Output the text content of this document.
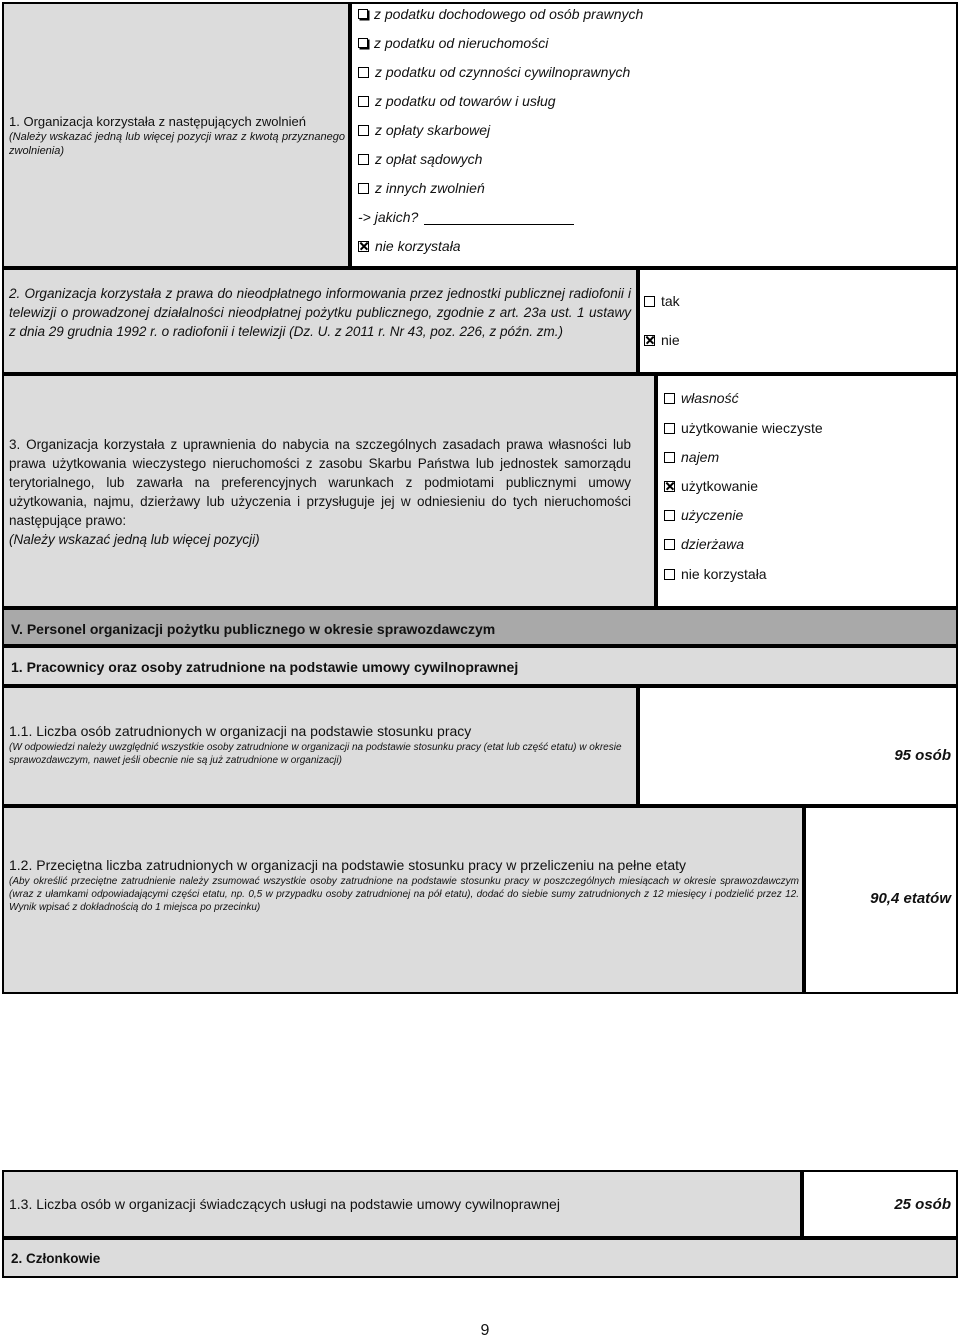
1. Organizacja korzystała z następujących zwolnień
(Należy wskazać jedną lub więcej pozycji wraz z kwotą przyznanego zwolnienia)
z podatku dochodowego od osób prawnych
z podatku od nieruchomości
z podatku od czynności cywilnoprawnych
z podatku od towarów i usług
z opłaty skarbowej
z opłat sądowych
z innych zwolnień
-> jakich?
nie korzystała
2. Organizacja korzystała z prawa do nieodpłatnego informowania przez jednostki publicznej radiofonii i telewizji o prowadzonej działalności nieodpłatnej pożytku publicznego, zgodnie z art. 23a ust. 1 ustawy z dnia 29 grudnia 1992 r. o radiofonii i telewizji (Dz. U. z 2011 r. Nr 43, poz. 226, z późn. zm.)
tak
nie
3. Organizacja korzystała z uprawnienia do nabycia na szczególnych zasadach prawa własności lub prawa użytkowania wieczystego nieruchomości z zasobu Skarbu Państwa lub jednostek samorządu terytorialnego, lub zawarła na preferencyjnych warunkach z podmiotami publicznymi umowy użytkowania, najmu, dzierżawy lub użyczenia i przysługuje jej w odniesieniu do tych nieruchomości następujące prawo:
(Należy wskazać jedną lub więcej pozycji)
własność
użytkowanie wieczyste
najem
użytkowanie
użyczenie
dzierżawa
nie korzystała
V. Personel organizacji pożytku publicznego w okresie sprawozdawczym
1. Pracownicy oraz osoby zatrudnione na podstawie umowy cywilnoprawnej
1.1. Liczba osób zatrudnionych w organizacji na podstawie stosunku pracy
(W odpowiedzi należy uwzględnić wszystkie osoby zatrudnione w organizacji na podstawie stosunku pracy (etat lub część etatu) w okresie sprawozdawczym, nawet jeśli obecnie nie są już zatrudnione w organizacji)	95 osób
1.2. Przeciętna liczba zatrudnionych w organizacji na podstawie stosunku pracy w przeliczeniu na pełne etaty
(Aby określić przeciętne zatrudnienie należy zsumować wszystkie osoby zatrudnione na podstawie stosunku pracy w poszczególnych miesiącach w okresie sprawozdawczym (wraz z ułamkami odpowiadającymi części etatu, np. 0,5 w przypadku osoby zatrudnionej na pół etatu), dodać do siebie sumy zatrudnionych z 12 miesięcy i podzielić przez 12. Wynik wpisać z dokładnością do 1 miejsca po przecinku)
90,4 etatów
1.3. Liczba osób w organizacji świadczących usługi na podstawie umowy cywilnoprawnej	25 osób
2. Członkowie
9
